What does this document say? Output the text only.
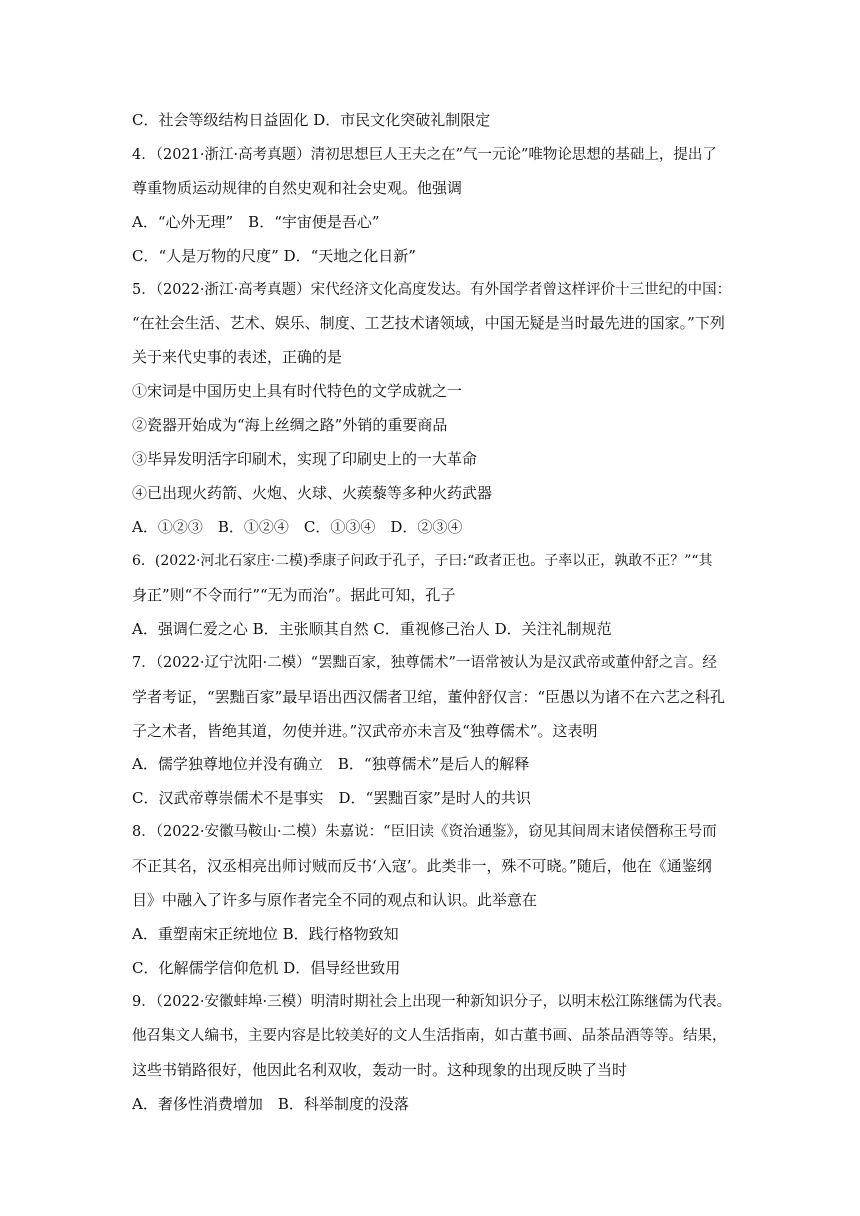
C．社会等级结构日益固化 D．市民文化突破礼制限定
4．（2021·浙江·高考真题）清初思想巨人王夫之在”气一元论”唯物论思想的基础上，提出了
尊重物质运动规律的自然史观和社会史观。他强调
A．“心外无理”　B．“宇宙便是吾心”
C．“人是万物的尺度” D．“天地之化日新”
5．（2022·浙江·高考真题）宋代经济文化高度发达。有外国学者曾这样评价十三世纪的中国：
“在社会生活、艺术、娱乐、制度、工艺技术诸领域，中国无疑是当时最先进的国家。”下列
关于来代史事的表述，正确的是
①宋词是中国历史上具有时代特色的文学成就之一
②瓷器开始成为“海上丝绸之路”外销的重要商品
③毕异发明活字印刷术，实现了印刷史上的一大革命
④已出现火药箭、火炮、火球、火蒺藜等多种火药武器
A．①②③　B．①②④　C．①③④　D．②③④
6．(2022·河北石家庄·二模)季康子问政于孔子，子曰:“政者正也。子率以正，孰敢不正？”“其
身正”则“不令而行”“无为而治”。据此可知，孔子
A．强调仁爱之心 B．主张顺其自然 C．重视修己治人 D．关注礼制规范
7．（2022·辽宁沈阳·二模）“罢黜百家，独尊儒术”一语常被认为是汉武帝或董仲舒之言。经
学者考证，“罢黜百家”最早语出西汉儒者卫绾，董仲舒仅言：“臣愚以为诸不在六艺之科孔
子之术者，皆绝其道，勿使并进。”汉武帝亦未言及“独尊儒术”。这表明
A．儒学独尊地位并没有确立　B．“独尊儒术”是后人的解释
C．汉武帝尊崇儒术不是事实　D．“罢黜百家”是时人的共识
8．（2022·安徽马鞍山·二模）朱嘉说：“臣旧读《资治通鉴》，窃见其间周末诸侯僭称王号而
不正其名，汉丞相亮出师讨贼而反书‘入寇’。此类非一，殊不可晓。”随后，他在《通鉴纲
目》中融入了许多与原作者完全不同的观点和认识。此举意在
A．重塑南宋正统地位 B．践行格物致知
C．化解儒学信仰危机 D．倡导经世致用
9．（2022·安徽蚌埠·三模）明清时期社会上出现一种新知识分子，以明末松江陈继儒为代表。
他召集文人编书，主要内容是比较美好的文人生活指南，如古董书画、品茶品酒等等。结果，
这些书销路很好，他因此名利双收，轰动一时。这种现象的出现反映了当时
A．奢侈性消费增加　B．科举制度的没落
